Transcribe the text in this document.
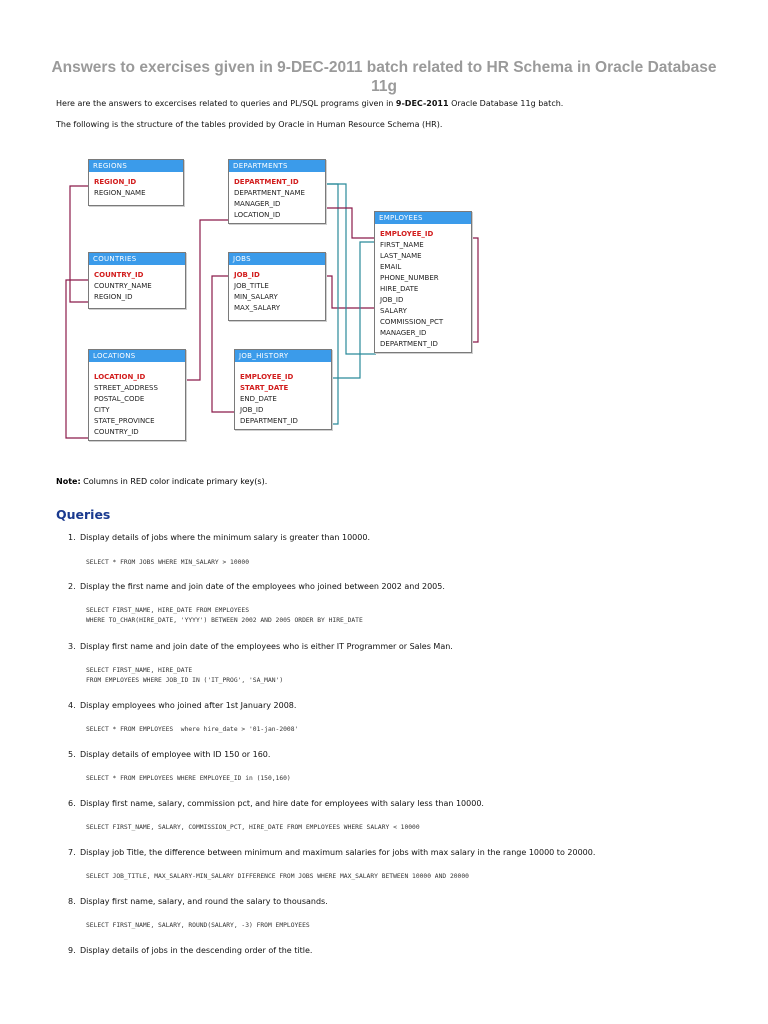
Answers to exercises given in 9-DEC-2011 batch related to HR Schema in Oracle Database 11g
Here are the answers to excercises related to queries and PL/SQL programs given in 9-DEC-2011 Oracle Database 11g batch.
The following is the structure of the tables provided by Oracle in Human Resource Schema (HR).
REGIONS
REGION_ID
REGION_NAME
DEPARTMENTS
DEPARTMENT_ID
DEPARTMENT_NAME
MANAGER_ID
LOCATION_ID	EMPLOYEES
EMPLOYEE_ID
FIRST_NAME
LAST_NAME
EMAIL
PHONE_NUMBER
HIRE_DATE
JOB_ID
SALARY
COMMISSION_PCT
MANAGER_ID
DEPARTMENT_ID
COUNTRIES
COUNTRY_ID
COUNTRY_NAME
REGION_ID
JOBS
JOB_ID
JOB_TITLE
MIN_SALARY
MAX_SALARY
LOCATIONS
LOCATION_ID
STREET_ADDRESS
POSTAL_CODE
CITY
STATE_PROVINCE
COUNTRY_ID
JOB_HISTORY
EMPLOYEE_ID
START_DATE
END_DATE
JOB_ID
DEPARTMENT_ID
Note: Columns in RED color indicate primary key(s).
Queries
1. Display details of jobs where the minimum salary is greater than 10000.
SELECT * FROM JOBS WHERE MIN_SALARY > 10000
2. Display the first name and join date of the employees who joined between 2002 and 2005.
SELECT FIRST_NAME, HIRE_DATE FROM EMPLOYEES
WHERE TO_CHAR(HIRE_DATE, 'YYYY') BETWEEN 2002 AND 2005 ORDER BY HIRE_DATE
3. Display first name and join date of the employees who is either IT Programmer or Sales Man.
SELECT FIRST_NAME, HIRE_DATE
FROM EMPLOYEES WHERE JOB_ID IN ('IT_PROG', 'SA_MAN')
4. Display employees who joined after 1st January 2008.
SELECT * FROM EMPLOYEES  where hire_date > '01-jan-2008'
5. Display details of employee with ID 150 or 160.
SELECT * FROM EMPLOYEES WHERE EMPLOYEE_ID in (150,160)
6. Display first name, salary, commission pct, and hire date for employees with salary less than 10000.
SELECT FIRST_NAME, SALARY, COMMISSION_PCT, HIRE_DATE FROM EMPLOYEES WHERE SALARY < 10000
7. Display job Title, the difference between minimum and maximum salaries for jobs with max salary in the range 10000 to 20000.
SELECT JOB_TITLE, MAX_SALARY-MIN_SALARY DIFFERENCE FROM JOBS WHERE MAX_SALARY BETWEEN 10000 AND 20000
8. Display first name, salary, and round the salary to thousands.
SELECT FIRST_NAME, SALARY, ROUND(SALARY, -3) FROM EMPLOYEES
9. Display details of jobs in the descending order of the title.
